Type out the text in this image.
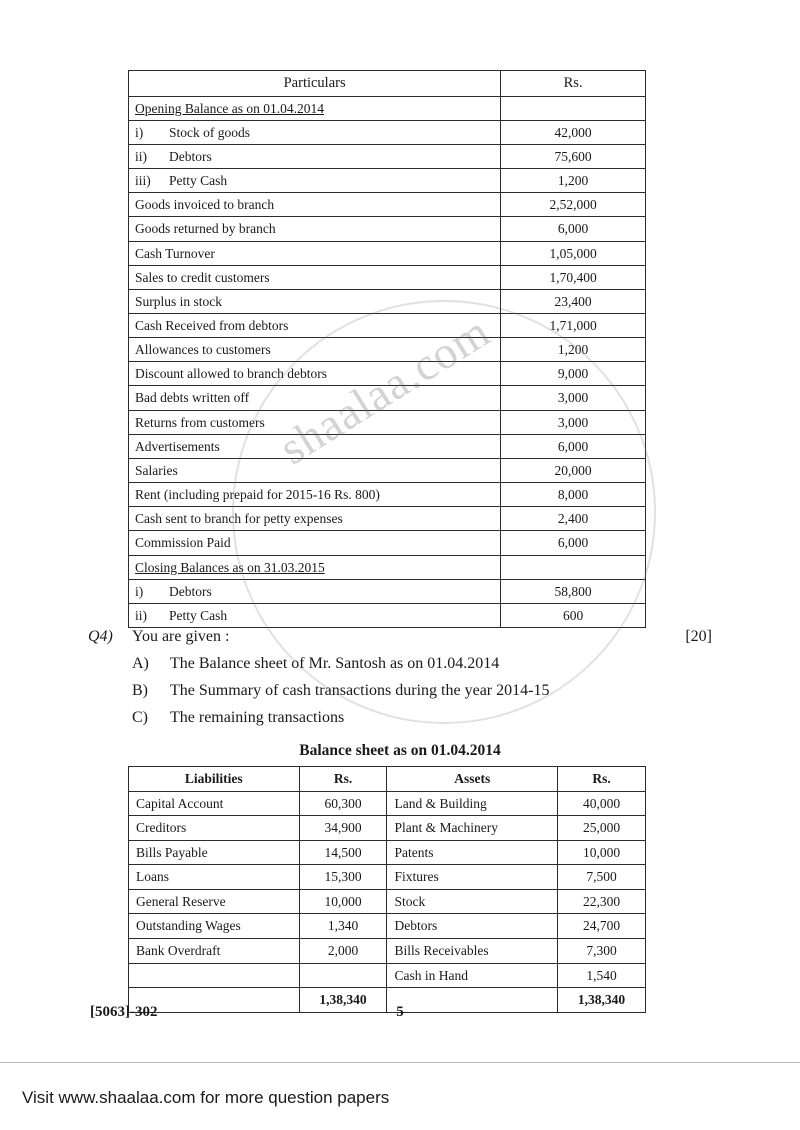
shaalaa.com
Particulars	Rs.
Opening Balance as on 01.04.2014	
i) Stock of goods	42,000
ii) Debtors	75,600
iii) Petty Cash	1,200
Goods invoiced to branch	2,52,000
Goods returned by branch	6,000
Cash Turnover	1,05,000
Sales to credit customers	1,70,400
Surplus in stock	23,400
Cash Received from debtors	1,71,000
Allowances to customers	1,200
Discount allowed to branch debtors	9,000
Bad debts written off	3,000
Returns from customers	3,000
Advertisements	6,000
Salaries	20,000
Rent (including prepaid for 2015-16 Rs. 800)	8,000
Cash sent to branch for petty expenses	2,400
Commission Paid	6,000
Closing Balances as on 31.03.2015	
i) Debtors	58,800
ii) Petty Cash	600
Q4)	You are given :	[20]
A)	The Balance sheet of Mr. Santosh as on 01.04.2014
B)	The Summary of cash transactions during the year 2014-15
C)	The remaining transactions
Balance sheet as on 01.04.2014
Liabilities	Rs.	Assets	Rs.
Capital Account	60,300	Land & Building	40,000
Creditors	34,900	Plant & Machinery	25,000
Bills Payable	14,500	Patents	10,000
Loans	15,300	Fixtures	7,500
General Reserve	10,000	Stock	22,300
Outstanding Wages	1,340	Debtors	24,700
Bank Overdraft	2,000	Bills Receivables	7,300
		Cash in Hand	1,540
	1,38,340		1,38,340
[5063]-302	5
Visit www.shaalaa.com for more question papers
